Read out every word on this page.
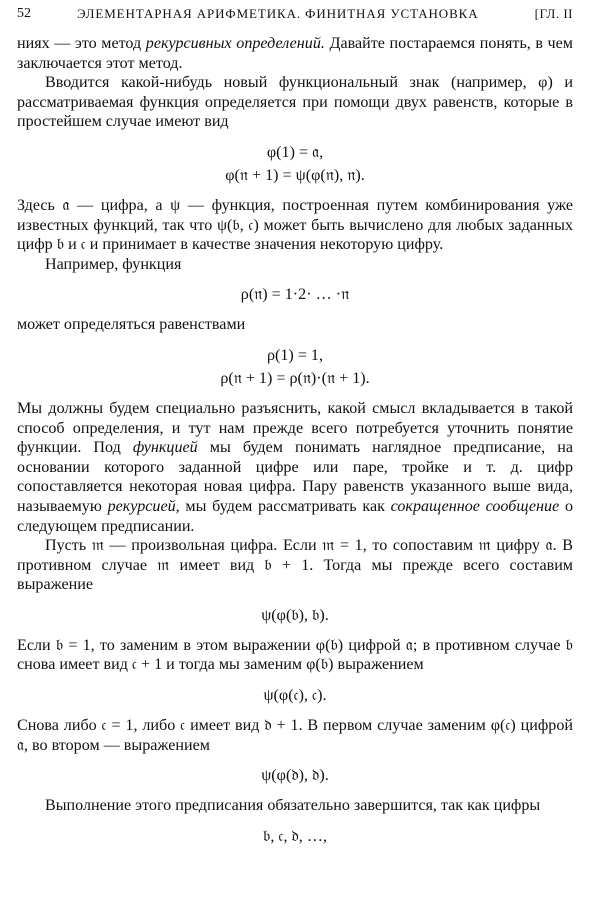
52	ЭЛЕМЕНТАРНАЯ АРИФМЕТИКА. ФИНИТНАЯ УСТАНОВКА	[ГЛ. II

ниях — это метод рекурсивных определений. Давайте постараемся понять, в чем заключается этот метод.

Вводится какой-нибудь новый функциональный знак (например, φ) и рассматриваемая функция определяется при помощи двух равенств, которые в простейшем случае имеют вид

φ(1) = 𝔞,
φ(𝔫 + 1) = ψ(φ(𝔫), 𝔫).

Здесь 𝔞 — цифра, а ψ — функция, построенная путем комбинирования уже известных функций, так что ψ(𝔟, 𝔠) может быть вычислено для любых заданных цифр 𝔟 и 𝔠 и принимает в качестве значения некоторую цифру.

Например, функция

ρ(𝔫) = 1·2· … ·𝔫

может определяться равенствами

ρ(1) = 1,
ρ(𝔫 + 1) = ρ(𝔫)·(𝔫 + 1).

Мы должны будем специально разъяснить, какой смысл вкладывается в такой способ определения, и тут нам прежде всего потребуется уточнить понятие функции. Под функцией мы будем понимать наглядное предписание, на основании которого заданной цифре или паре, тройке и т. д. цифр сопоставляется некоторая новая цифра. Пару равенств указанного выше вида, называемую рекурсией, мы будем рассматривать как сокращенное сообщение о следующем предписании.

Пусть 𝔪 — произвольная цифра. Если 𝔪 = 1, то сопоставим 𝔪 цифру 𝔞. В противном случае 𝔪 имеет вид 𝔟 + 1. Тогда мы прежде всего составим выражение

ψ(φ(𝔟), 𝔟).

Если 𝔟 = 1, то заменим в этом выражении φ(𝔟) цифрой 𝔞; в противном случае 𝔟 снова имеет вид 𝔠 + 1 и тогда мы заменим φ(𝔟) выражением

ψ(φ(𝔠), 𝔠).

Снова либо 𝔠 = 1, либо 𝔠 имеет вид 𝔡 + 1. В первом случае заменим φ(𝔠) цифрой 𝔞, во втором — выражением

ψ(φ(𝔡), 𝔡).

Выполнение этого предписания обязательно завершится, так как цифры

𝔟, 𝔠, 𝔡, …,
